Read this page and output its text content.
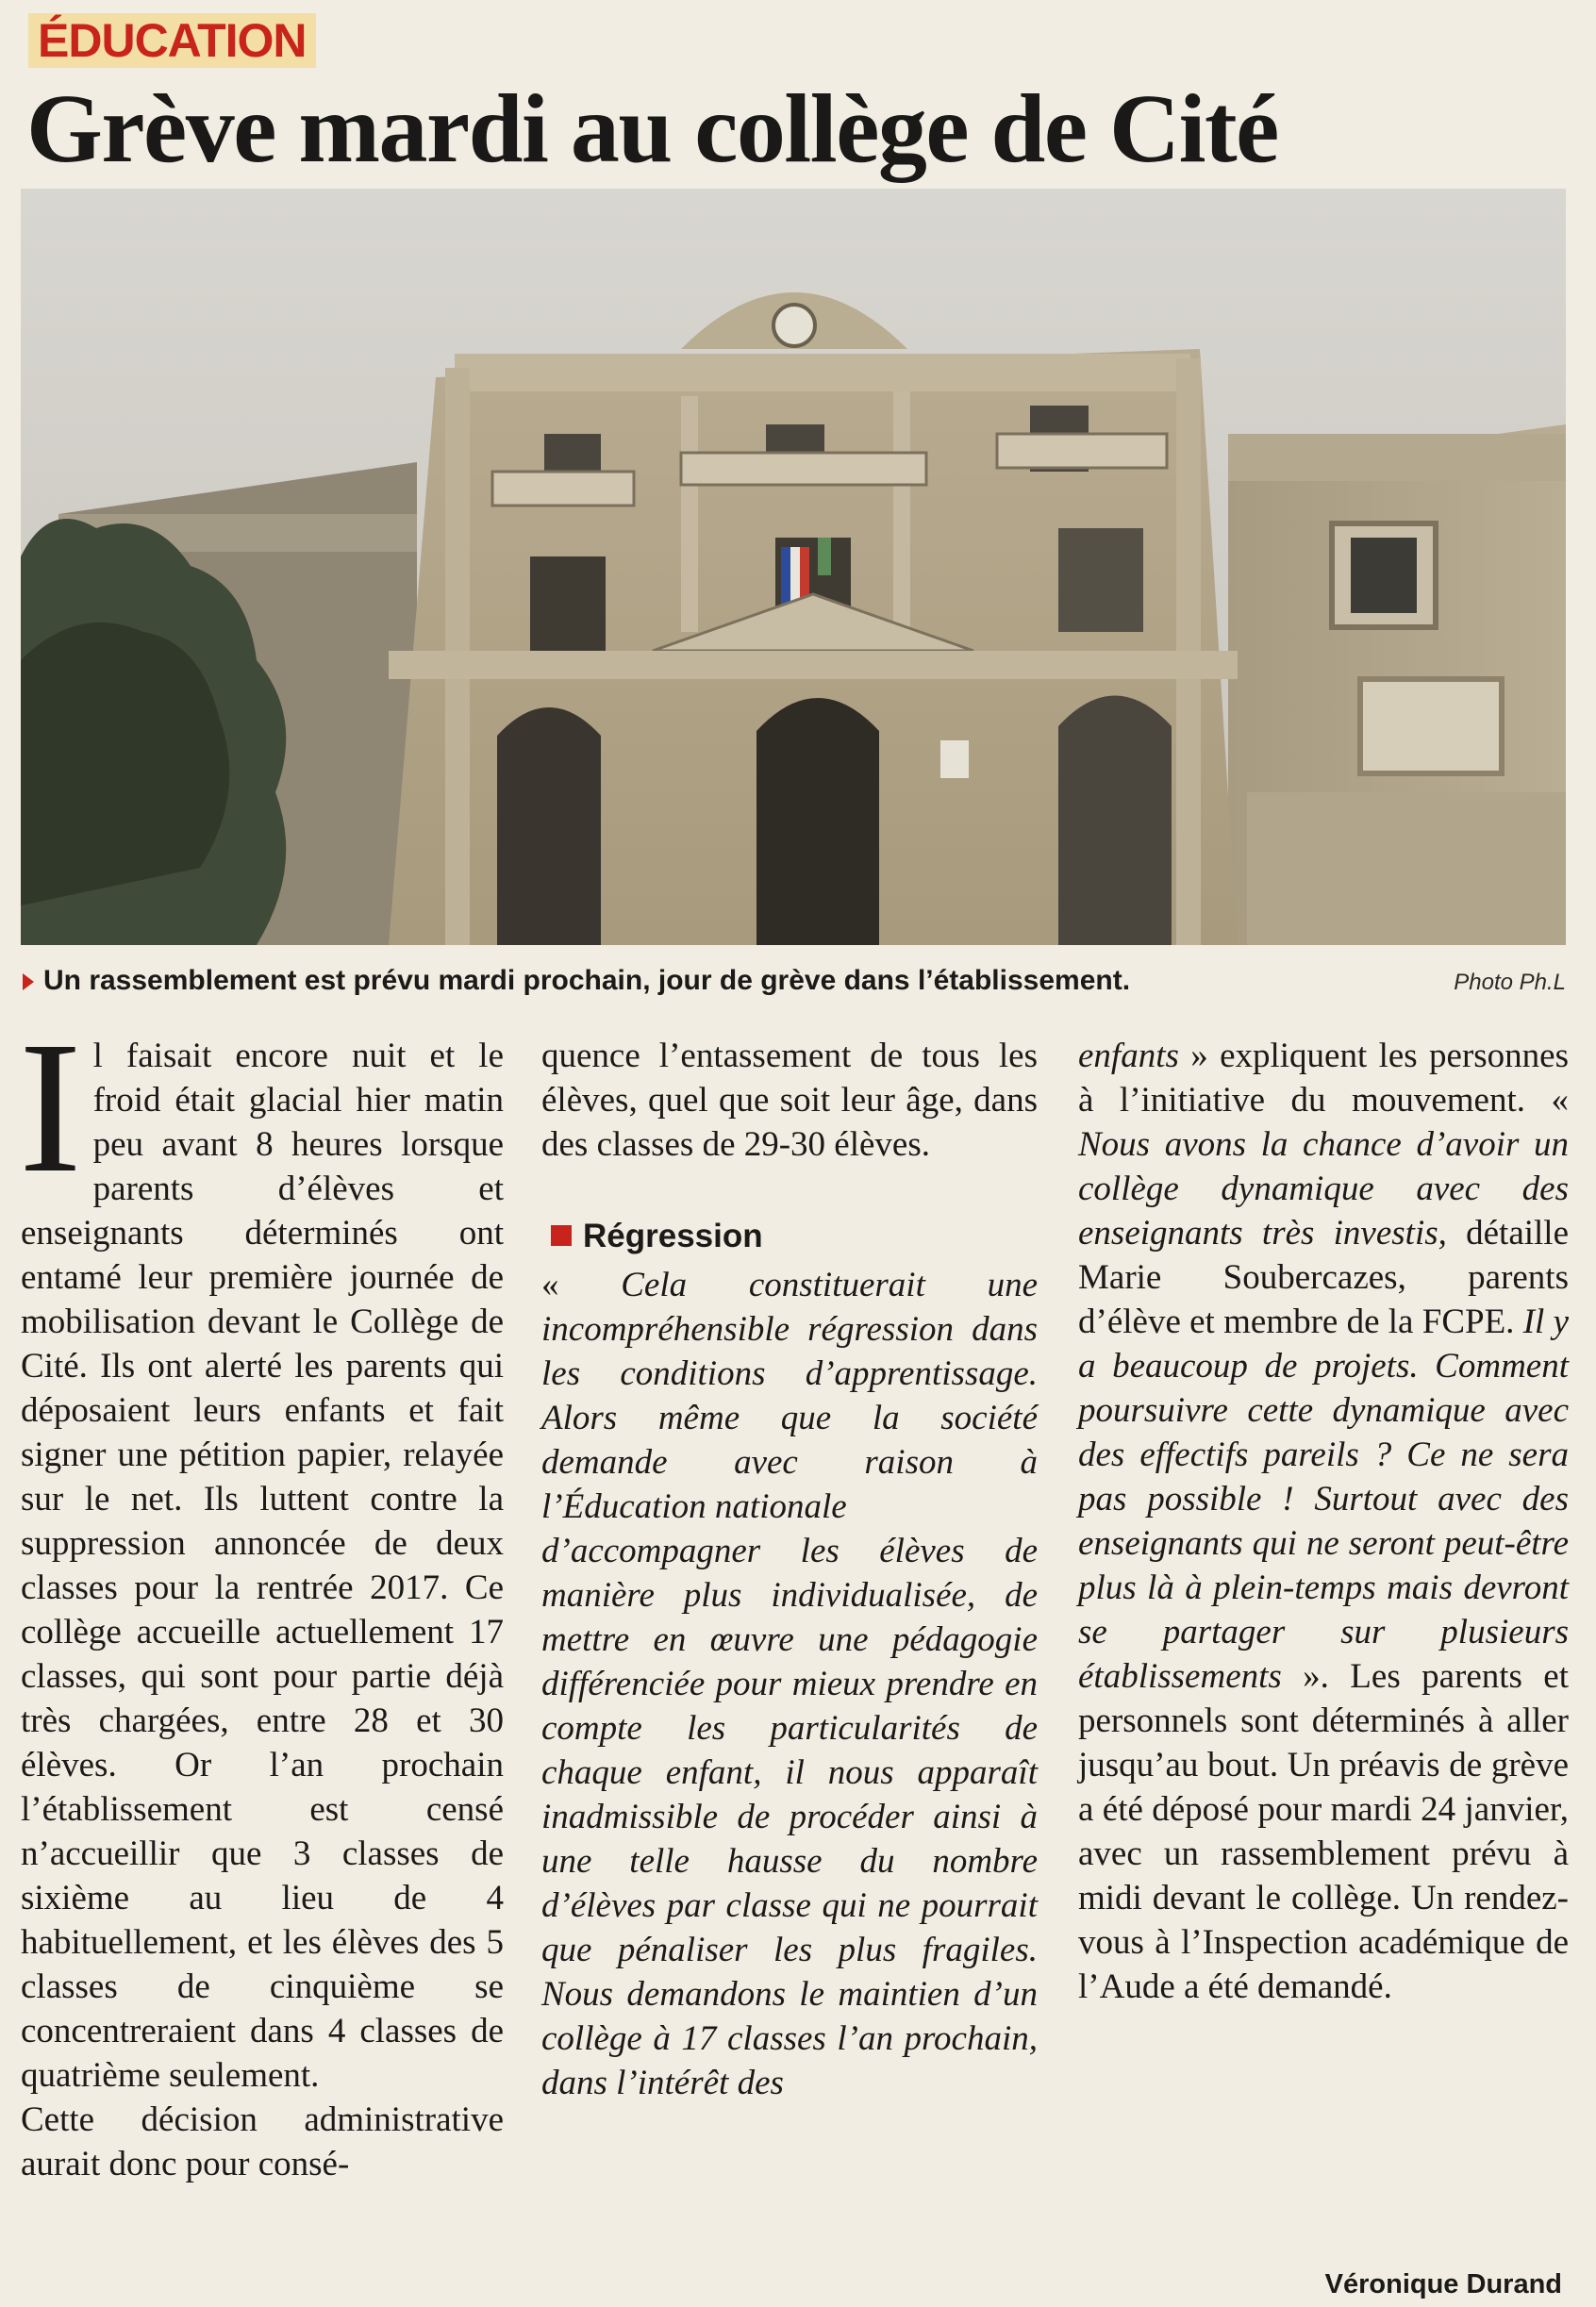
ÉDUCATION
Grève mardi au collège de Cité
Un rassemblement est prévu mardi prochain, jour de grève dans l’établissement.	Photo Ph.L

Il faisait encore nuit et le froid était glacial hier matin peu avant 8 heures lorsque parents d’élèves et enseignants déterminés ont entamé leur première journée de mobilisation devant le Collège de Cité. Ils ont alerté les parents qui déposaient leurs enfants et fait signer une pétition papier, relayée sur le net. Ils luttent contre la suppression annoncée de deux classes pour la rentrée 2017. Ce collège accueille actuellement 17 classes, qui sont pour partie déjà très chargées, entre 28 et 30 élèves. Or l’an prochain l’établissement est censé n’accueillir que 3 classes de sixième au lieu de 4 habituellement, et les élèves des 5 classes de cinquième se concentreraient dans 4 classes de quatrième seulement.

Cette décision administrative aurait donc pour consé-

quence l’entassement de tous les élèves, quel que soit leur âge, dans des classes de 29-30 élèves.

Régression

« Cela constituerait une incompréhensible régression dans les conditions d’apprentissage. Alors même que la société demande avec raison à l’Éducation nationale

d’accompagner les élèves de manière plus individualisée, de mettre en œuvre une pédagogie différenciée pour mieux prendre en compte les particularités de chaque enfant, il nous apparaît inadmissible de procéder ainsi à une telle hausse du nombre d’élèves par classe qui ne pourrait que pénaliser les plus fragiles. Nous demandons le maintien d’un collège à 17 classes l’an prochain, dans l’intérêt des

enfants » expliquent les personnes à l’initiative du mouvement. « Nous avons la chance d’avoir un collège dynamique avec des enseignants très investis, détaille Marie Soubercazes, parents d’élève et membre de la FCPE. Il y a beaucoup de projets. Comment poursuivre cette dynamique avec des effectifs pareils ? Ce ne sera pas possible ! Surtout avec des enseignants qui ne seront peut-être plus là à plein-temps mais devront se partager sur plusieurs établissements ». Les parents et personnels sont déterminés à aller jusqu’au bout. Un préavis de grève a été déposé pour mardi 24 janvier, avec un rassemblement prévu à midi devant le collège. Un rendez-vous à l’Inspection académique de l’Aude a été demandé.

Véronique Durand
